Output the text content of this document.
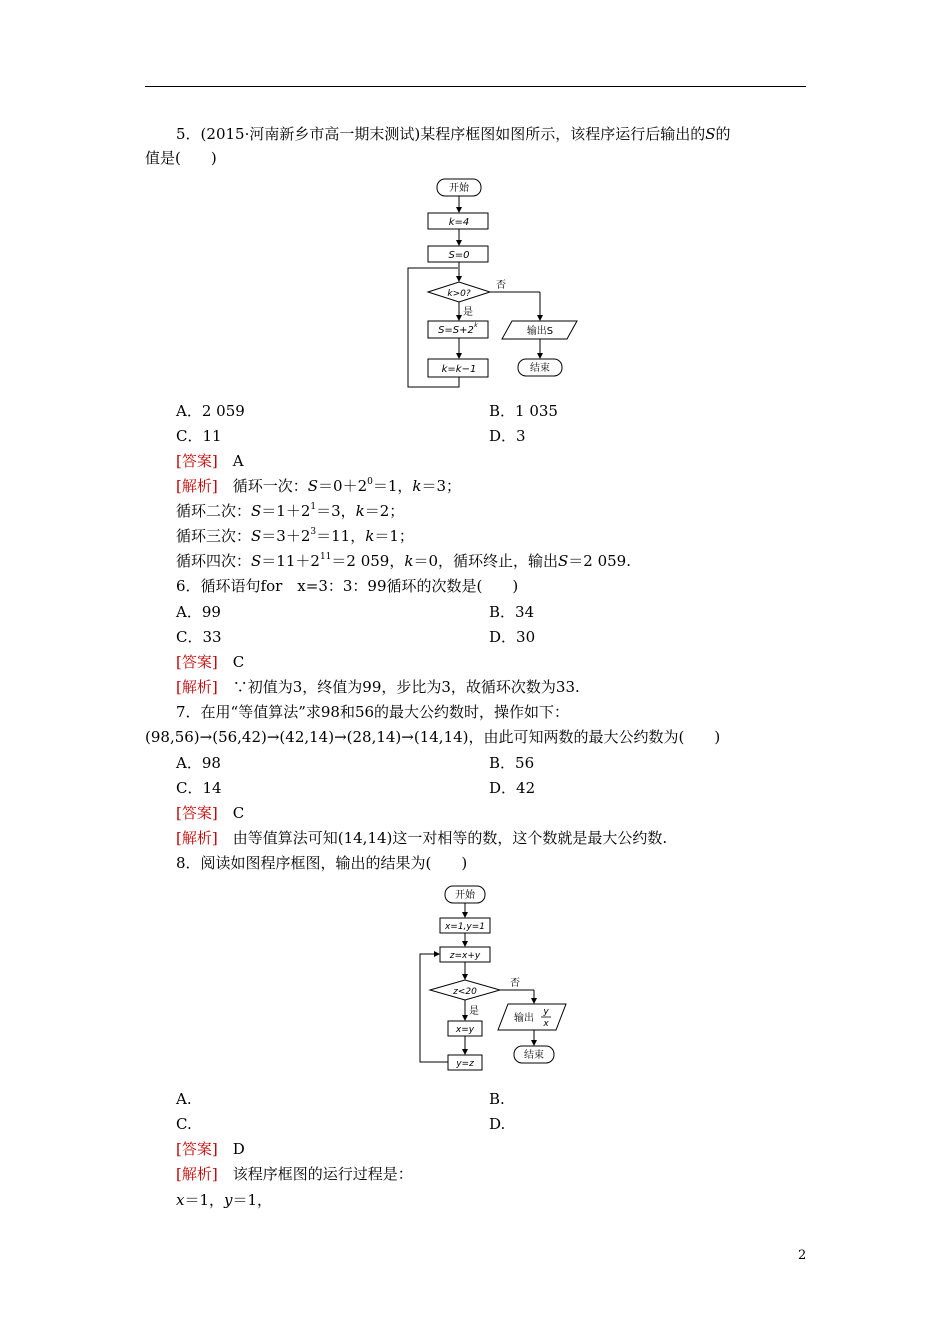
5．(2015·河南新乡市高一期末测试)某程序框图如图所示，该程序运行后输出的S的
值是(　　)
开始
k=4
S=0
k>0?
是
否
S=S+2 k
k=k−1
输出S
结束
A．2 059	B．1 035
C．11	D．3
[答案]　 A
[解析]　 循环一次：$S=0+2^0=1$，k＝3；
循环二次：$S=1+2^1=3$，k＝2；
循环三次：$S=3+2^3=11$，k＝1；
循环四次：$S=11+2^{11}=2$ 059，k＝0，循环终止，输出S＝2 059.
6．循环语句for　x=3：3：99循环的次数是(　　)
A．99	B．34
C．33	D．30
[答案]　 C
[解析]　 ∵初值为3，终值为99，步比为3，故循环次数为33.
7．在用“等值算法”求98和56的最大公约数时，操作如下：
(98,56)→(56,42)→(42,14)→(28,14)→(14,14)，由此可知两数的最大公约数为(　　)
A．98	B．56
C．14	D．42
[答案]　 C
[解析]　 由等值算法可知(14,14)这一对相等的数，这个数就是最大公约数.
8．阅读如图程序框图，输出的结果为(　　)
开始
x=1,y=1
z=x+y
z<20
是
否
x=y
y=z
输出
y
x
结束
A.	B.
C.	D.
[答案]　 D
[解析]　 该程序框图的运行过程是：
x＝1，y＝1，
2
